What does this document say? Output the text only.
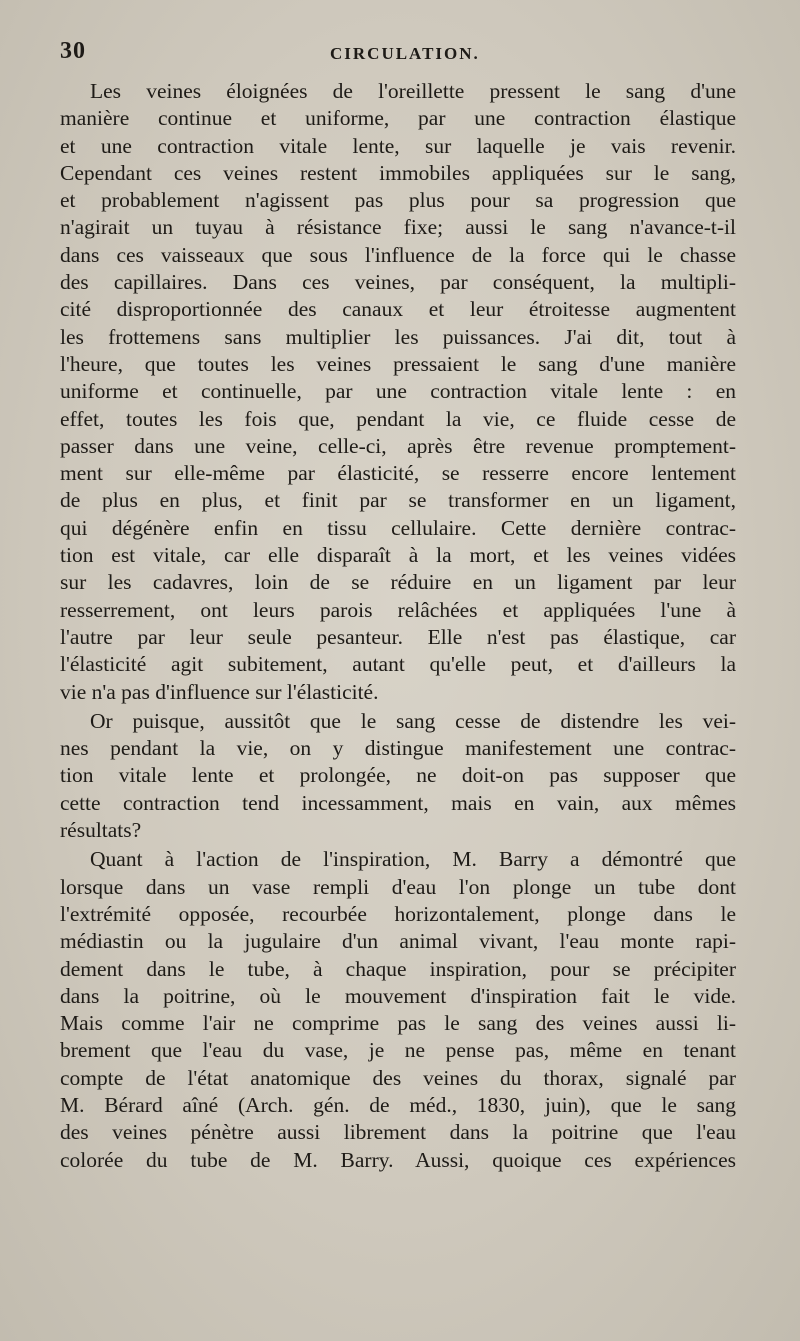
30	CIRCULATION.

Les veines éloignées de l'oreillette pressent le sang d'une
manière continue et uniforme, par une contraction élastique
et une contraction vitale lente, sur laquelle je vais revenir.
Cependant ces veines restent immobiles appliquées sur le sang,
et probablement n'agissent pas plus pour sa progression que
n'agirait un tuyau à résistance fixe; aussi le sang n'avance-t-il
dans ces vaisseaux que sous l'influence de la force qui le chasse
des capillaires. Dans ces veines, par conséquent, la multipli-
cité disproportionnée des canaux et leur étroitesse augmentent
les frottemens sans multiplier les puissances. J'ai dit, tout à
l'heure, que toutes les veines pressaient le sang d'une manière
uniforme et continuelle, par une contraction vitale lente : en
effet, toutes les fois que, pendant la vie, ce fluide cesse de
passer dans une veine, celle-ci, après être revenue promptement-
ment sur elle-même par élasticité, se resserre encore lentement
de plus en plus, et finit par se transformer en un ligament,
qui dégénère enfin en tissu cellulaire. Cette dernière contrac-
tion est vitale, car elle disparaît à la mort, et les veines vidées
sur les cadavres, loin de se réduire en un ligament par leur
resserrement, ont leurs parois relâchées et appliquées l'une à
l'autre par leur seule pesanteur. Elle n'est pas élastique, car
l'élasticité agit subitement, autant qu'elle peut, et d'ailleurs la
vie n'a pas d'influence sur l'élasticité.

Or puisque, aussitôt que le sang cesse de distendre les vei-
nes pendant la vie, on y distingue manifestement une contrac-
tion vitale lente et prolongée, ne doit-on pas supposer que
cette contraction tend incessamment, mais en vain, aux mêmes
résultats?

Quant à l'action de l'inspiration, M. Barry a démontré que
lorsque dans un vase rempli d'eau l'on plonge un tube dont
l'extrémité opposée, recourbée horizontalement, plonge dans le
médiastin ou la jugulaire d'un animal vivant, l'eau monte rapi-
dement dans le tube, à chaque inspiration, pour se précipiter
dans la poitrine, où le mouvement d'inspiration fait le vide.
Mais comme l'air ne comprime pas le sang des veines aussi li-
brement que l'eau du vase, je ne pense pas, même en tenant
compte de l'état anatomique des veines du thorax, signalé par
M. Bérard aîné (Arch. gén. de méd., 1830, juin), que le sang
des veines pénètre aussi librement dans la poitrine que l'eau
colorée du tube de M. Barry. Aussi, quoique ces expériences
